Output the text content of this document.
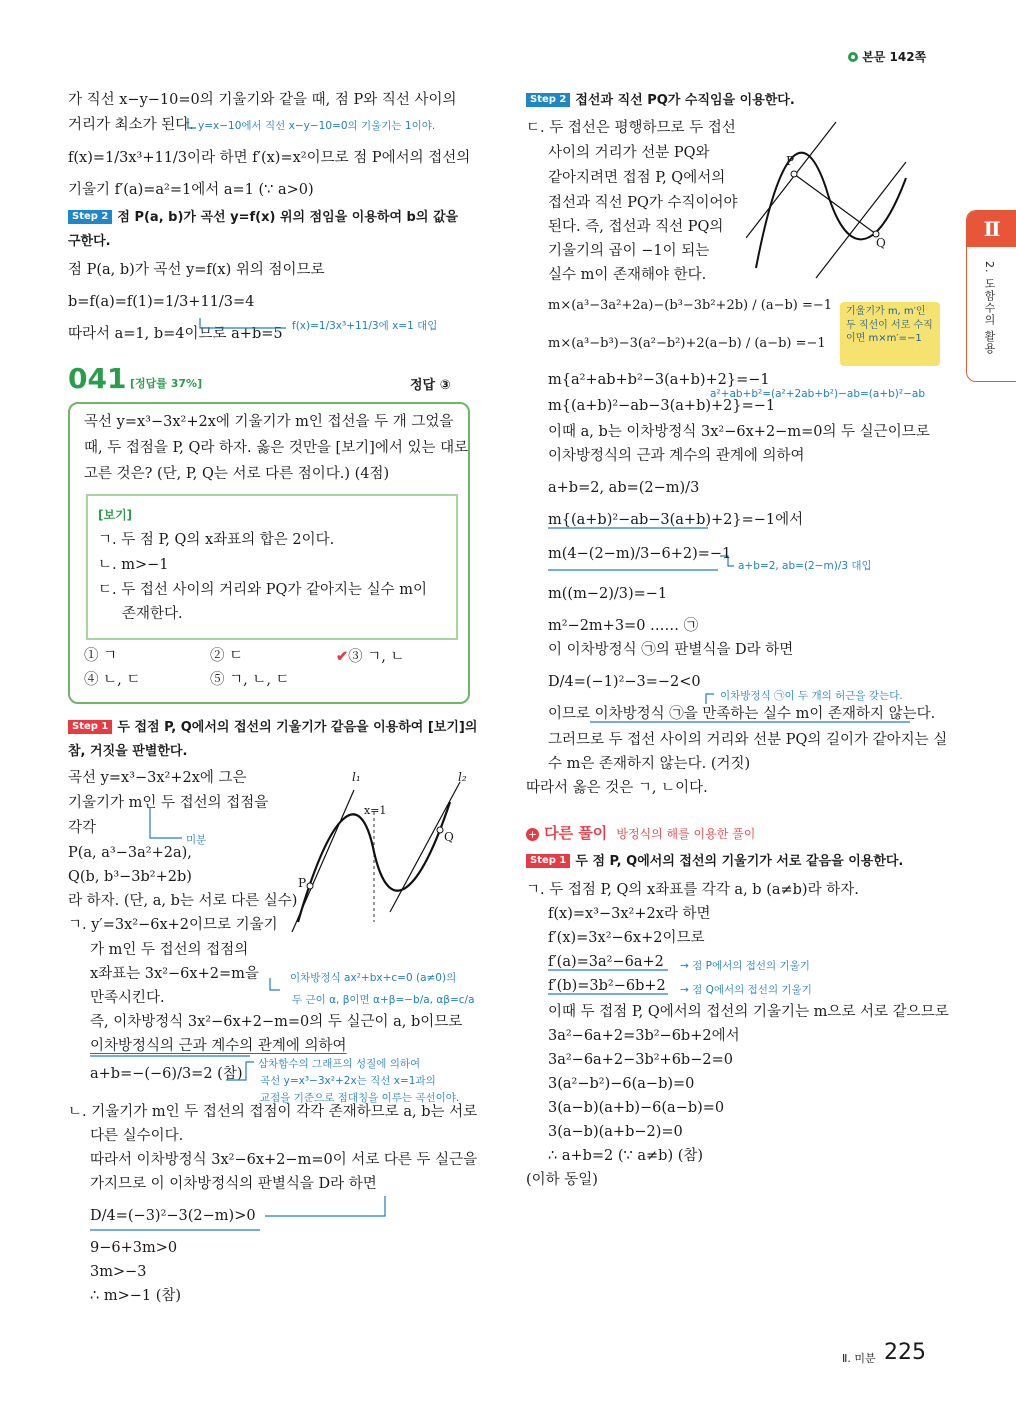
본문 142쪽
Ⅱ
2. 도함수의 활용
가 직선 x−y−10=0의 기울기와 같을 때, 점 P와 직선 사이의
거리가 최소가 된다. y=x−10에서 직선 x−y−10=0의 기울기는 1이야.
f(x)=1/3x³+11/3이라 하면 f′(x)=x²이므로 점 P에서의 접선의
기울기 f′(a)=a²=1에서 a=1 (∵ a>0)
Step 2 점 P(a, b)가 곡선 y=f(x) 위의 점임을 이용하여 b의 값을
구한다.
점 P(a, b)가 곡선 y=f(x) 위의 점이므로
b=f(a)=f(1)=1/3+11/3=4
따라서 a=1, b=4이므로 a+b=5 f(x)=1/3x³+11/3에 x=1 대입
041 [정답률 37%]	정답 ③
곡선 y=x³−3x²+2x에 기울기가 m인 접선을 두 개 그었을
때, 두 접점을 P, Q라 하자. 옳은 것만을 [보기]에서 있는 대로
고른 것은? (단, P, Q는 서로 다른 점이다.) (4점)
[보기]
ㄱ. 두 점 P, Q의 x좌표의 합은 2이다.
ㄴ. m>−1
ㄷ. 두 접선 사이의 거리와 PQ가 같아지는 실수 m이
존재한다.
① ㄱ	② ㄷ	✔③ ㄱ, ㄴ
④ ㄴ, ㄷ	⑤ ㄱ, ㄴ, ㄷ
Step 1 두 접점 P, Q에서의 접선의 기울기가 같음을 이용하여 [보기]의
참, 거짓을 판별한다.
곡선 y=x³−3x²+2x에 그은
기울기가 m인 두 접선의 접점을
각각
미분
P(a, a³−3a²+2a),
Q(b, b³−3b²+2b)
라 하자. (단, a, b는 서로 다른 실수)
ㄱ. y′=3x²−6x+2이므로 기울기
가 m인 두 접선의 접점의
x좌표는 3x²−6x+2=m을
만족시킨다.
이차방정식 ax²+bx+c=0 (a≠0)의
두 근이 α, β이면 α+β=−b/a, αβ=c/a
즉, 이차방정식 3x²−6x+2−m=0의 두 실근이 a, b이므로
이차방정식의 근과 계수의 관계에 의하여
a+b=−(−6)/3=2 (참)
삼차함수의 그래프의 성질에 의하여
곡선 y=x³−3x²+2x는 직선 x=1과의
교점을 기준으로 점대칭을 이루는 곡선이야.
ㄴ. 기울기가 m인 두 접선의 접점이 각각 존재하므로 a, b는 서로
다른 실수이다.
따라서 이차방정식 3x²−6x+2−m=0이 서로 다른 두 실근을
가지므로 이 이차방정식의 판별식을 D라 하면
D/4=(−3)²−3(2−m)>0
9−6+3m>0
3m>−3
∴ m>−1 (참)
l₁	l₂
x=1
P
Q
Step 2 접선과 직선 PQ가 수직임을 이용한다.
ㄷ. 두 접선은 평행하므로 두 접선
사이의 거리가 선분 PQ와
같아지려면 접점 P, Q에서의
접선과 직선 PQ가 수직이어야
된다. 즉, 접선과 직선 PQ의
기울기의 곱이 −1이 되는
실수 m이 존재해야 한다.
P
Q
m×(a³−3a²+2a)−(b³−3b²+2b) / (a−b) =−1
m×(a³−b³)−3(a²−b²)+2(a−b) / (a−b) =−1
기울기가 m, m′인 두 직선이 서로 수직이면 m×m′=−1
m{a²+ab+b²−3(a+b)+2}=−1
a²+ab+b²=(a²+2ab+b²)−ab=(a+b)²−ab
m{(a+b)²−ab−3(a+b)+2}=−1
이때 a, b는 이차방정식 3x²−6x+2−m=0의 두 실근이므로
이차방정식의 근과 계수의 관계에 의하여
a+b=2, ab=(2−m)/3
m{(a+b)²−ab−3(a+b)+2}=−1에서
m(4−(2−m)/3−6+2)=−1
a+b=2, ab=(2−m)/3 대입
m((m−2)/3)=−1
m²−2m+3=0 …… ㉠
이 이차방정식 ㉠의 판별식을 D라 하면
D/4=(−1)²−3=−2<0
이차방정식 ㉠이 두 개의 허근을 갖는다.
이므로 이차방정식 ㉠을 만족하는 실수 m이 존재하지 않는다.
그러므로 두 접선 사이의 거리와 선분 PQ의 길이가 같아지는 실
수 m은 존재하지 않는다. (거짓)
따라서 옳은 것은 ㄱ, ㄴ이다.
+ 다른 풀이 방정식의 해를 이용한 풀이
Step 1 두 점 P, Q에서의 접선의 기울기가 서로 같음을 이용한다.
ㄱ. 두 접점 P, Q의 x좌표를 각각 a, b (a≠b)라 하자.
f(x)=x³−3x²+2x라 하면
f′(x)=3x²−6x+2이므로
f′(a)=3a²−6a+2 → 점 P에서의 접선의 기울기
f′(b)=3b²−6b+2 → 점 Q에서의 접선의 기울기
이때 두 접점 P, Q에서의 접선의 기울기는 m으로 서로 같으므로
3a²−6a+2=3b²−6b+2에서
3a²−6a+2−3b²+6b−2=0
3(a²−b²)−6(a−b)=0
3(a−b)(a+b)−6(a−b)=0
3(a−b)(a+b−2)=0
∴ a+b=2 (∵ a≠b) (참)
(이하 동일)
Ⅱ. 미분 225
